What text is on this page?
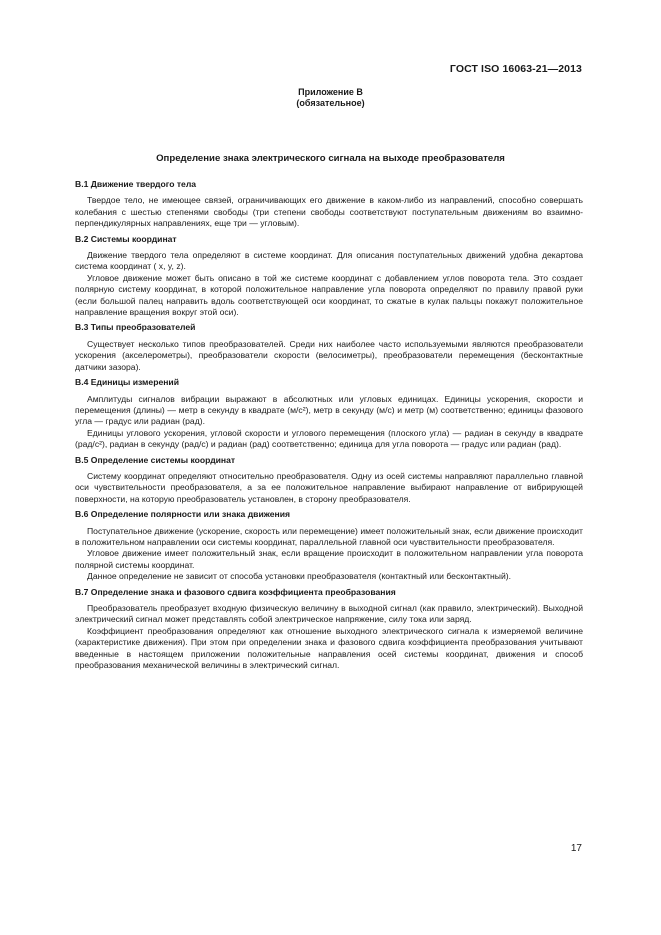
ГОСТ ISO 16063-21—2013
Приложение В
(обязательное)
Определение знака электрического сигнала на выходе преобразователя
В.1 Движение твердого тела

Твердое тело, не имеющее связей, ограничивающих его движение в каком-либо из направлений, способно совершать колебания с шестью степенями свободы (три степени свободы соответствуют поступательным движениям во взаимно-перпендикулярных направлениях, еще три — угловым).

В.2 Системы координат

Движение твердого тела определяют в системе координат. Для описания поступательных движений удобна декартова система координат ( x, y, z).

Угловое движение может быть описано в той же системе координат с добавлением углов поворота тела. Это создает полярную систему координат, в которой положительное направление угла поворота определяют по правилу правой руки (если большой палец направить вдоль соответствующей оси координат, то сжатые в кулак пальцы покажут положительное направление вращения вокруг этой оси).

В.3 Типы преобразователей

Существует несколько типов преобразователей. Среди них наиболее часто используемыми являются преобразователи ускорения (акселерометры), преобразователи скорости (велосиметры), преобразователи перемещения (бесконтактные датчики зазора).

В.4 Единицы измерений

Амплитуды сигналов вибрации выражают в абсолютных или угловых единицах. Единицы ускорения, скорости и перемещения (длины) — метр в секунду в квадрате (м/с²), метр в секунду (м/с) и метр (м) соответственно; единицы фазового угла — градус или радиан (рад).

Единицы углового ускорения, угловой скорости и углового перемещения (плоского угла) — радиан в секунду в квадрате (рад/с²), радиан в секунду (рад/с) и радиан (рад) соответственно; единица для угла поворота — градус или радиан (рад).

В.5 Определение системы координат

Систему координат определяют относительно преобразователя. Одну из осей системы направляют параллельно главной оси чувствительности преобразователя, а за ее положительное направление выбирают направление от вибрирующей поверхности, на которую преобразователь установлен, в сторону преобразователя.

В.6 Определение полярности или знака движения

Поступательное движение (ускорение, скорость или перемещение) имеет положительный знак, если движение происходит в положительном направлении оси системы координат, параллельной главной оси чувствительности преобразователя.

Угловое движение имеет положительный знак, если вращение происходит в положительном направлении угла поворота полярной системы координат.

Данное определение не зависит от способа установки преобразователя (контактный или бесконтактный).

В.7 Определение знака и фазового сдвига коэффициента преобразования

Преобразователь преобразует входную физическую величину в выходной сигнал (как правило, электрический). Выходной электрический сигнал может представлять собой электрическое напряжение, силу тока или заряд.

Коэффициент преобразования определяют как отношение выходного электрического сигнала к измеряемой величине (характеристике движения). При этом при определении знака и фазового сдвига коэффициента преобразования учитывают введенные в настоящем приложении положительные направления осей системы координат, движения и способ преобразования механической величины в электрический сигнал.

17
